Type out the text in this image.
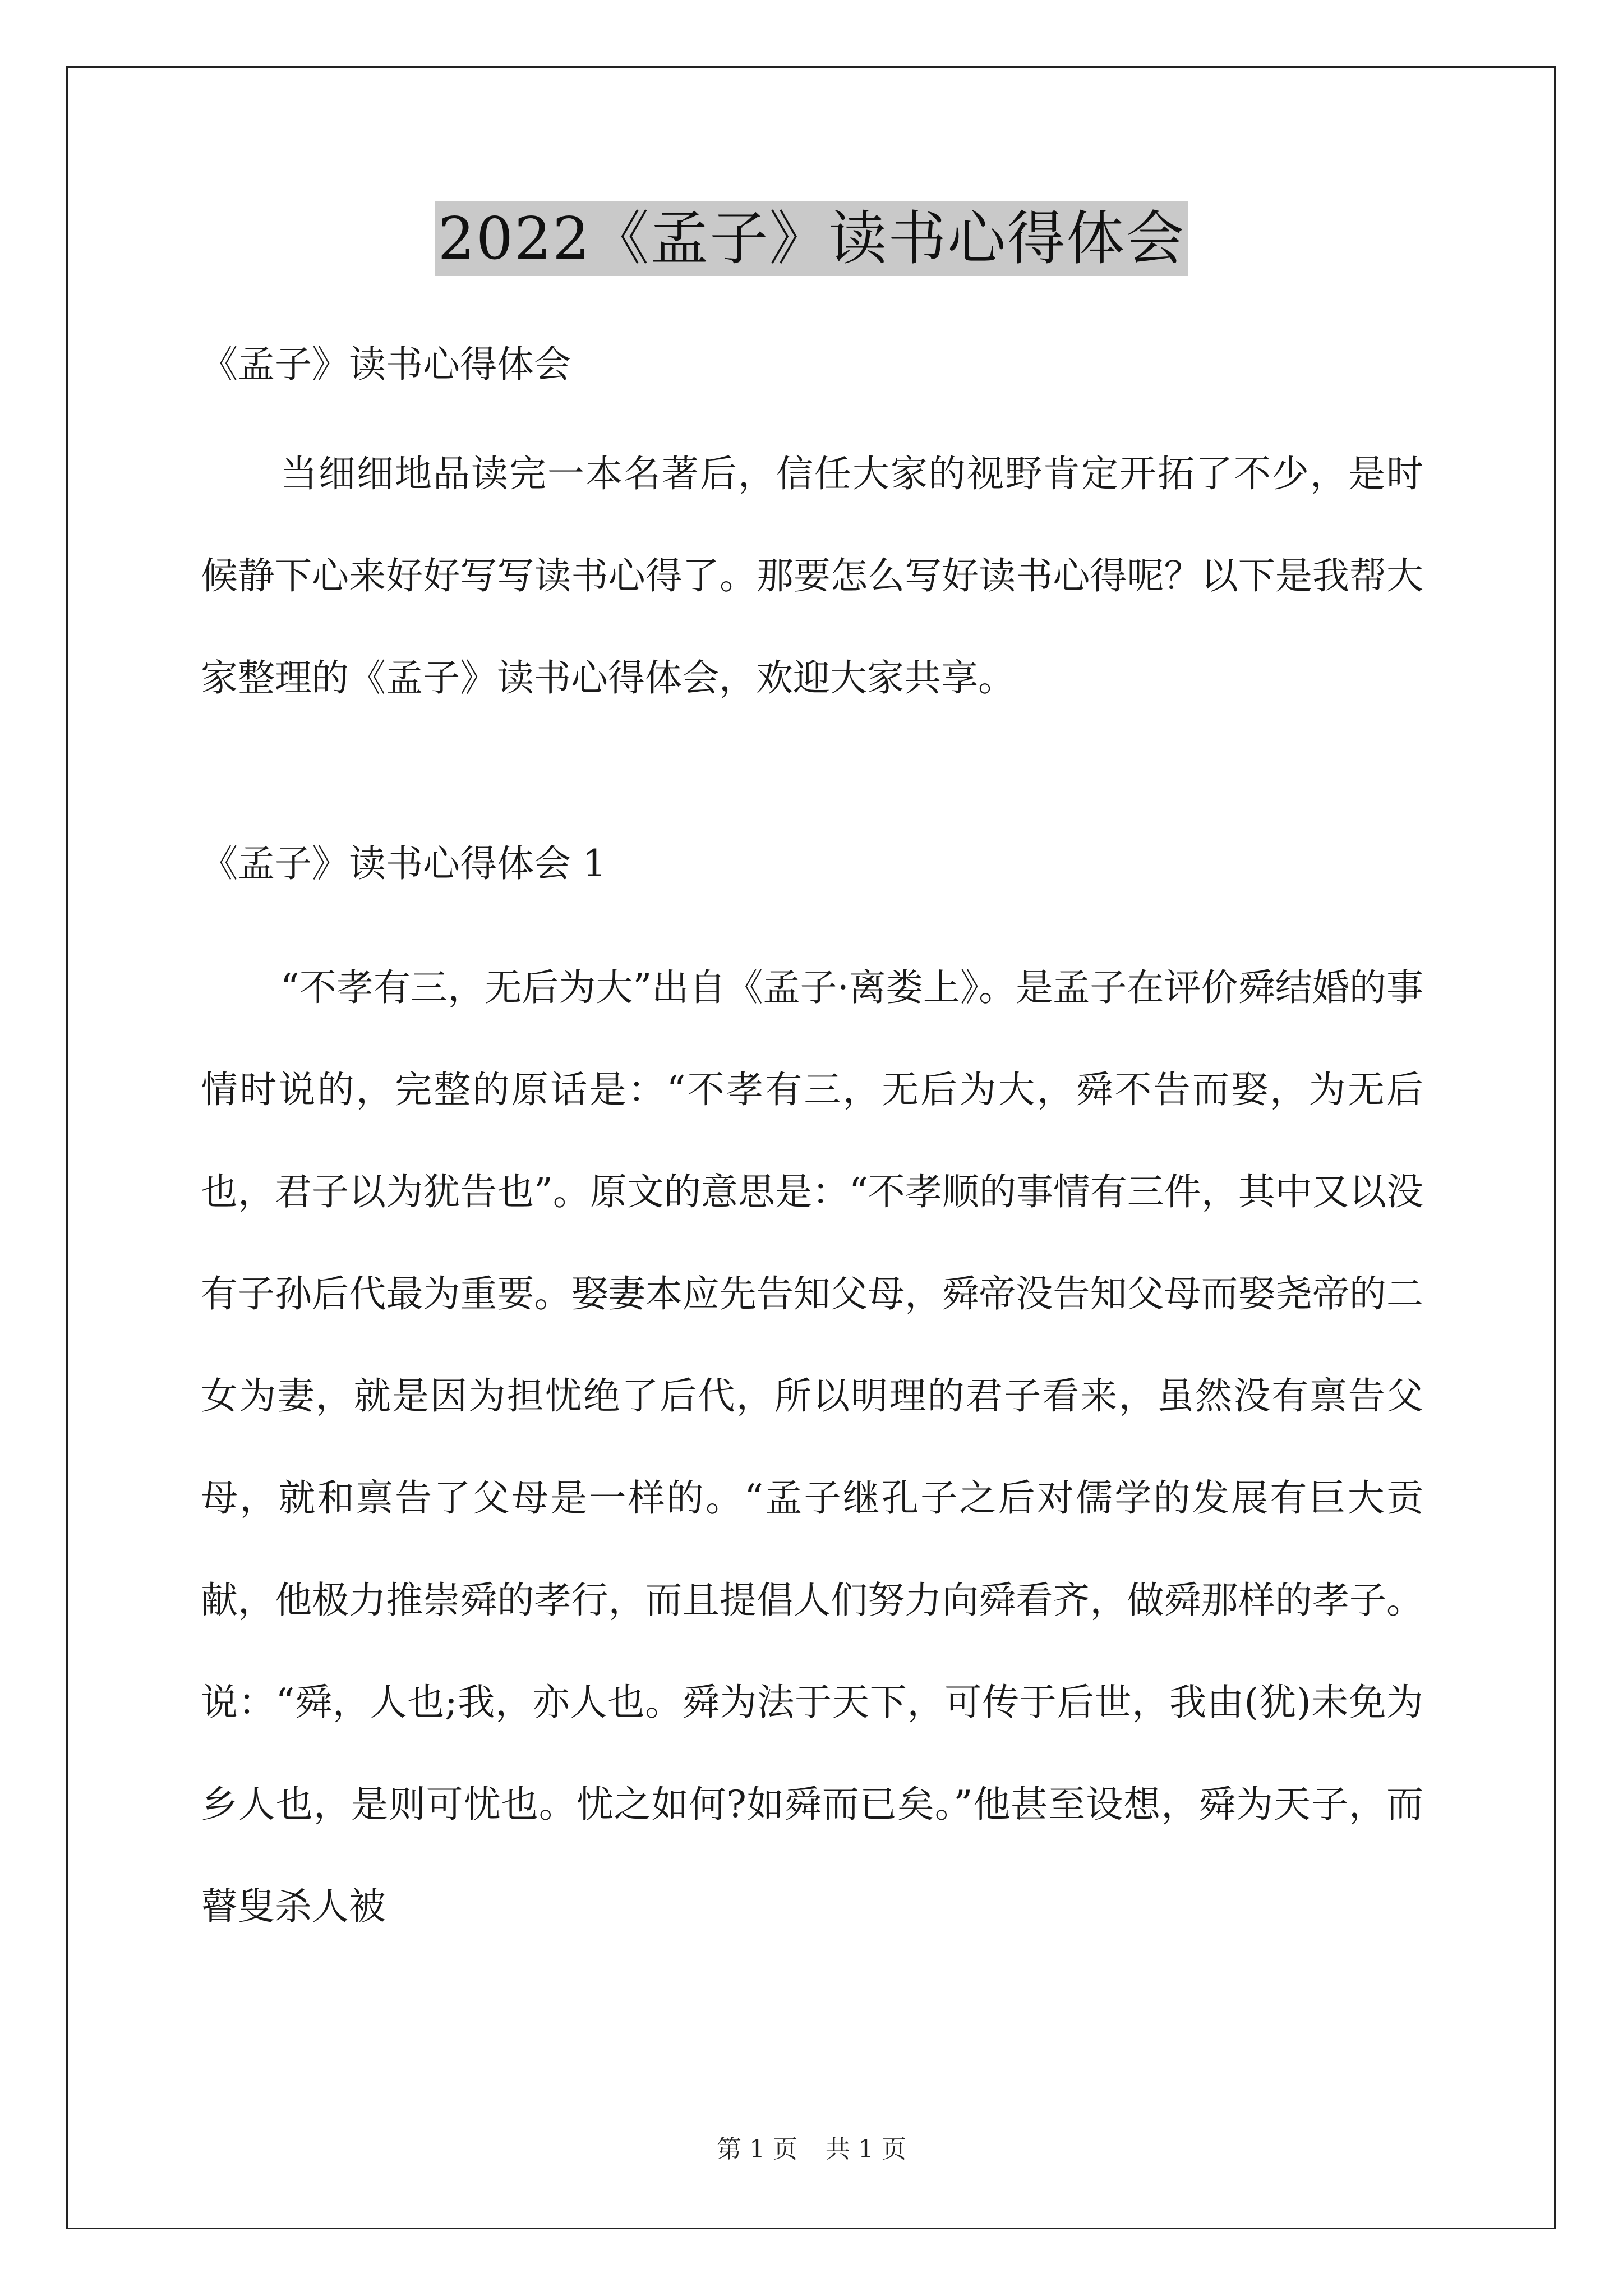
2022《孟子》读书心得体会

《孟子》读书心得体会

当细细地品读完一本名著后，信任大家的视野肯定开拓了不少，是时候静下心来好好写写读书心得了。那要怎么写好读书心得呢？以下是我帮大家整理的《孟子》读书心得体会，欢迎大家共享。

《孟子》读书心得体会 1

“不孝有三，无后为大”出自《孟子·离娄上》。是孟子在评价舜结婚的事情时说的，完整的原话是：“不孝有三，无后为大，舜不告而娶，为无后也，君子以为犹告也”。原文的意思是：“不孝顺的事情有三件，其中又以没有子孙后代最为重要。娶妻本应先告知父母，舜帝没告知父母而娶尧帝的二女为妻，就是因为担忧绝了后代，所以明理的君子看来，虽然没有禀告父母，就和禀告了父母是一样的。“孟子继孔子之后对儒学的发展有巨大贡献，他极力推崇舜的孝行，而且提倡人们努力向舜看齐，做舜那样的孝子。说：“舜，人也;我，亦人也。舜为法于天下，可传于后世，我由(犹)未免为乡人也，是则可忧也。忧之如何?如舜而已矣。”他甚至设想，舜为天子，而瞽叟杀人被

第 1 页 共 1 页
